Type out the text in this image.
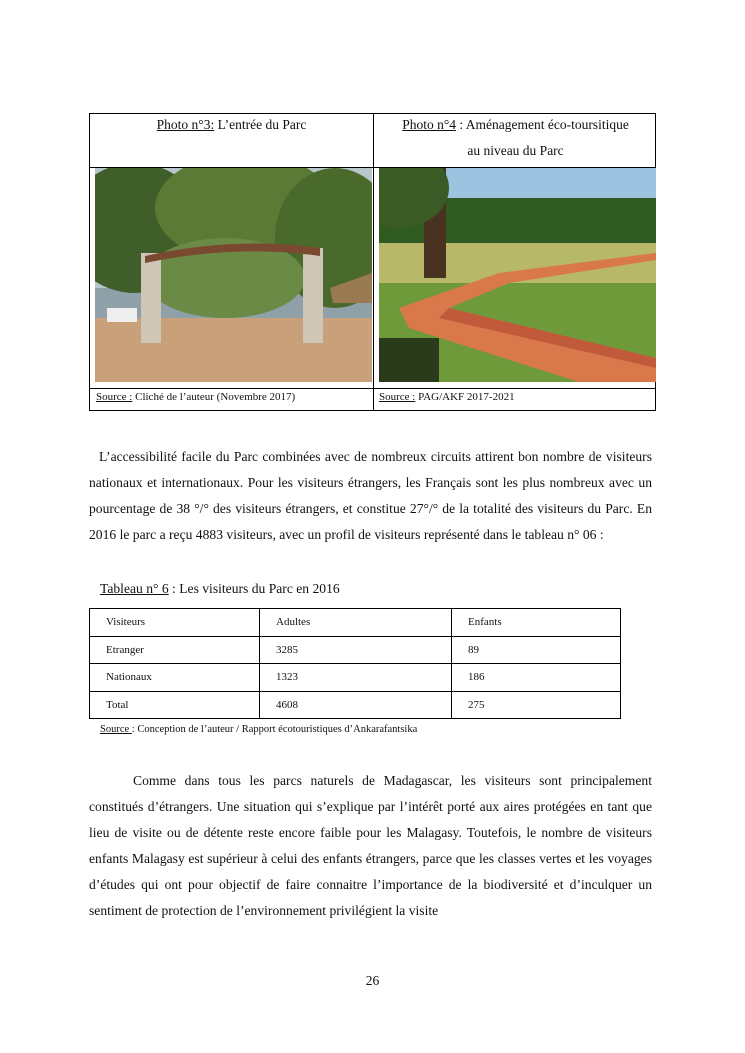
Photo n°3: L’entrée du Parc	Photo n°4 : Aménagement éco-toursitique
au niveau du Parc
Source : Cliché de l’auteur (Novembre 2017)	Source : PAG/AKF 2017-2021

L’accessibilité facile du Parc combinées avec de nombreux circuits attirent bon nombre de visiteurs nationaux et internationaux. Pour les visiteurs étrangers, les Français sont les plus nombreux avec un pourcentage de 38 °/° des visiteurs étrangers, et constitue 27°/° de la totalité des visiteurs du Parc. En 2016 le parc a reçu 4883 visiteurs, avec un profil de visiteurs représenté dans le tableau n° 06 :

Tableau n° 6 : Les visiteurs du Parc en 2016
Visiteurs	Adultes	Enfants
Etranger	3285	89
Nationaux	1323	186
Total	4608	275
Source : Conception de l’auteur / Rapport écotouristiques d’Ankarafantsika

Comme dans tous les parcs naturels de Madagascar, les visiteurs sont principalement constitués d’étrangers. Une situation qui s’explique par l’intérêt porté aux aires protégées en tant que lieu de visite ou de détente reste encore faible pour les Malagasy. Toutefois, le nombre de visiteurs enfants Malagasy est supérieur à celui des enfants étrangers, parce que les classes vertes et les voyages d’études qui ont pour objectif de faire connaitre l’importance de la biodiversité et d’inculquer un sentiment de protection de l’environnement privilégient la visite

26
